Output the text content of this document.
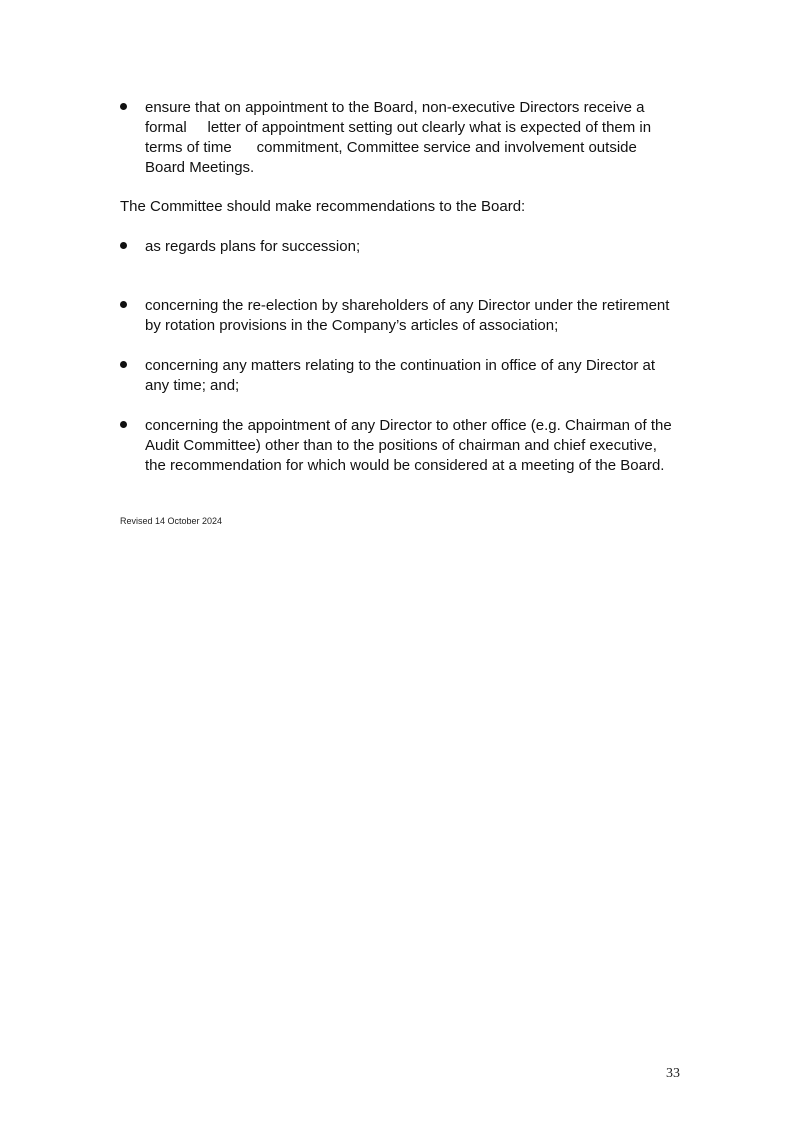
ensure that on appointment to the Board, non-executive Directors receive a
formal     letter of appointment setting out clearly what is expected of them in
terms of time      commitment, Committee service and involvement outside
Board Meetings.
The Committee should make recommendations to the Board:
as regards plans for succession;
concerning the re-election by shareholders of any Director under the retirement
by rotation provisions in the Company’s articles of association;
concerning any matters relating to the continuation in office of any Director at
any time; and;
concerning the appointment of any Director to other office (e.g. Chairman of the
Audit Committee) other than to the positions of chairman and chief executive,
the recommendation for which would be considered at a meeting of the Board.
Revised 14 October 2024
33
